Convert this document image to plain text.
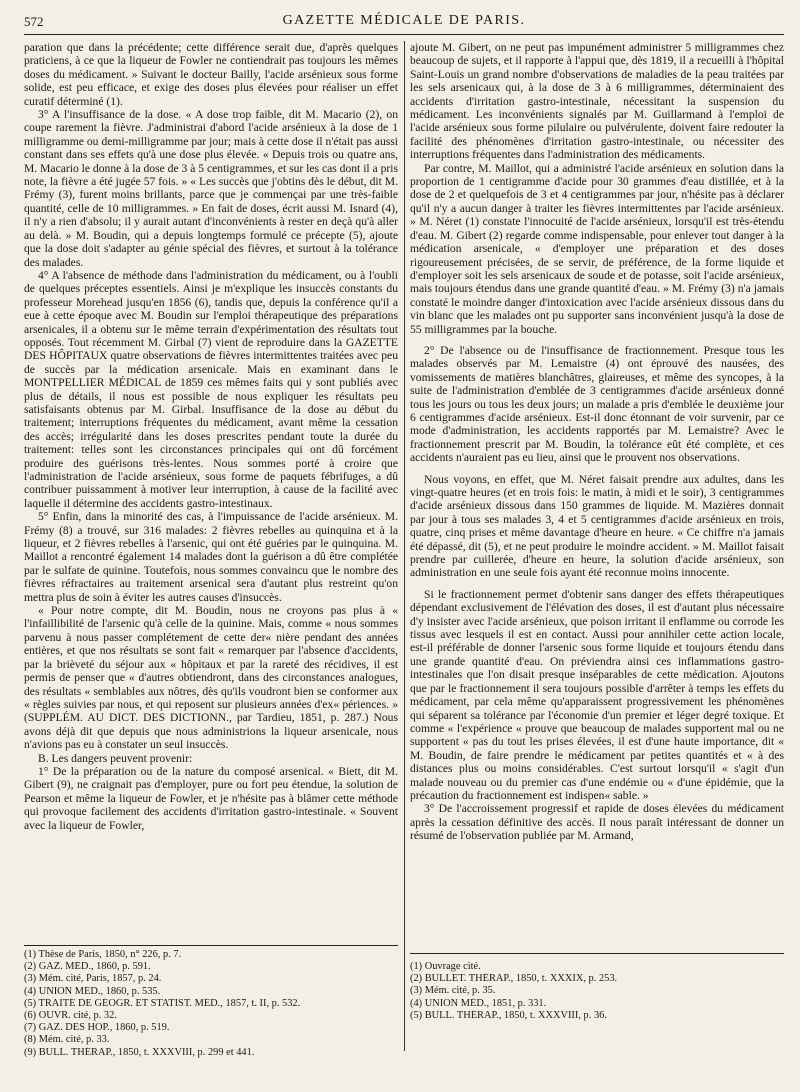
572	GAZETTE MÉDICALE DE PARIS.

paration que dans la précédente; cette différence serait due, d'après quelques praticiens, à ce que la liqueur de Fowler ne contiendrait pas toujours les mêmes doses du médicament. » Suivant le docteur Bailly, l'acide arsénieux sous forme solide, est peu efficace, et exige des doses plus élevées pour réaliser un effet curatif déterminé (1).

3° A l'insuffisance de la dose. « A dose trop faible, dit M. Macario (2), on coupe rarement la fièvre. J'administrai d'abord l'acide arsénieux à la dose de 1 milligramme ou demi-milligramme par jour; mais à cette dose il n'était pas aussi constant dans ses effets qu'à une dose plus élevée. « Depuis trois ou quatre ans, M. Macario le donne à la dose de 3 à 5 centigrammes, et sur les cas dont il a pris note, la fièvre a été jugée 57 fois. » « Les succès que j'obtins dès le début, dit M. Frémy (3), furent moins brillants, parce que je commençai par une très-faible quantité, celle de 10 milligrammes. » En fait de doses, écrit aussi M. Isnard (4), il n'y a rien d'absolu; il y aurait autant d'inconvénients à rester en deçà qu'à aller au delà. » M. Boudin, qui a depuis longtemps formulé ce précepte (5), ajoute que la dose doit s'adapter au génie spécial des fièvres, et surtout à la tolérance des malades.

4° A l'absence de méthode dans l'administration du médicament, ou à l'oubli de quelques préceptes essentiels. Ainsi je m'explique les insuccès constants du professeur Morehead jusqu'en 1856 (6), tandis que, depuis la conférence qu'il a eue à cette époque avec M. Boudin sur l'emploi thérapeutique des préparations arsenicales, il a obtenu sur le même terrain d'expérimentation des résultats tout opposés. Tout récemment M. Girbal (7) vient de reproduire dans la GAZETTE DES HÔPITAUX quatre observations de fièvres intermittentes traitées avec peu de succès par la médication arsenicale. Mais en examinant dans le MONTPELLIER MÉDICAL de 1859 ces mêmes faits qui y sont publiés avec plus de détails, il nous est possible de nous expliquer les résultats peu satisfaisants obtenus par M. Girbal. Insuffisance de la dose au début du traitement; interruptions fréquentes du médicament, avant même la cessation des accès; irrégularité dans les doses prescrites pendant toute la durée du traitement: telles sont les circonstances principales qui ont dû forcément produire des guérisons très-lentes. Nous sommes porté à croire que l'administration de l'acide arsénieux, sous forme de paquets fébrifuges, a dû contribuer puissamment à motiver leur interruption, à cause de la facilité avec laquelle il détermine des accidents gastro-intestinaux.

5° Enfin, dans la minorité des cas, à l'impuissance de l'acide arsénieux. M. Frémy (8) a trouvé, sur 316 malades: 2 fièvres rebelles au quinquina et à la liqueur, et 2 fièvres rebelles à l'arsenic, qui ont été guéries par le quinquina. M. Maillot a rencontré également 14 malades dont la guérison a dû être complétée par le sulfate de quinine. Toutefois, nous sommes convaincu que le nombre des fièvres réfractaires au traitement arsenical sera d'autant plus restreint qu'on mettra plus de soin à éviter les autres causes d'insuccès.

« Pour notre compte, dit M. Boudin, nous ne croyons pas plus à « l'infaillibilité de l'arsenic qu'à celle de la quinine. Mais, comme « nous sommes parvenu à nous passer complétement de cette der« nière pendant des années entières, et que nos résultats se sont fait « remarquer par l'absence d'accidents, par la brièveté du séjour aux « hôpitaux et par la rareté des récidives, il est permis de penser que « d'autres obtiendront, dans des circonstances analogues, des résultats « semblables aux nôtres, dès qu'ils voudront bien se conformer aux « règles suivies par nous, et qui reposent sur plusieurs années d'ex« périences. » (SUPPLÉM. AU DICT. DES DICTIONN., par Tardieu, 1851, p. 287.) Nous avons déjà dit que depuis que nous administrions la liqueur arsenicale, nous n'avions pas eu à constater un seul insuccès.

B. Les dangers peuvent provenir:

1° De la préparation ou de la nature du composé arsenical. « Biett, dit M. Gibert (9), ne craignait pas d'employer, pure ou fort peu étendue, la solution de Pearson et même la liqueur de Fowler, et je n'hésite pas à blâmer cette méthode qui provoque facilement des accidents d'irritation gastro-intestinale. « Souvent avec la liqueur de Fowler,

(1) Thèse de Paris, 1850, n° 226, p. 7.

(2) GAZ. MÉD., 1860, p. 591.

(3) Mém. cité, Paris, 1857, p. 24.

(4) UNION MÉD., 1860, p. 535.

(5) TRAITÉ DE GÉOGR. ET STATIST. MÉD., 1857, t. II, p. 532.

(6) OUVR. cité, p. 32.

(7) GAZ. DES HÔP., 1860, p. 519.

(8) Mém. cité, p. 33.

(9) BULL. THÉRAP., 1850, t. XXXVIII, p. 299 et 441.

ajoute M. Gibert, on ne peut pas impunément administrer 5 milligrammes chez beaucoup de sujets, et il rapporte à l'appui que, dès 1819, il a recueilli à l'hôpital Saint-Louis un grand nombre d'observations de maladies de la peau traitées par les sels arsenicaux qui, à la dose de 3 à 6 milligrammes, déterminaient des accidents d'irritation gastro-intestinale, nécessitant la suspension du médicament. Les inconvénients signalés par M. Guillarmand à l'emploi de l'acide arsénieux sous forme pilulaire ou pulvérulente, doivent faire redouter la facilité des phénomènes d'irritation gastro-intestinale, ou nécessiter des interruptions fréquentes dans l'administration des médicaments.

Par contre, M. Maillot, qui a administré l'acide arsénieux en solution dans la proportion de 1 centigramme d'acide pour 30 grammes d'eau distillée, et à la dose de 2 et quelquefois de 3 et 4 centigrammes par jour, n'hésite pas à déclarer qu'il n'y a aucun danger à traiter les fièvres intermittentes par l'acide arsénieux. » M. Néret (1) constate l'innocuité de l'acide arsénieux, lorsqu'il est très-étendu d'eau. M. Gibert (2) regarde comme indispensable, pour enlever tout danger à la médication arsenicale, « d'employer une préparation et des doses rigoureusement précisées, de se servir, de préférence, de la forme liquide et d'employer soit les sels arsenicaux de soude et de potasse, soit l'acide arsénieux, mais toujours étendus dans une grande quantité d'eau. » M. Frémy (3) n'a jamais constaté le moindre danger d'intoxication avec l'acide arsénieux dissous dans du vin blanc que les malades ont pu supporter sans inconvénient jusqu'à la dose de 55 milligrammes par la bouche.

2° De l'absence ou de l'insuffisance de fractionnement. Presque tous les malades observés par M. Lemaistre (4) ont éprouvé des nausées, des vomissements de matières blanchâtres, glaireuses, et même des syncopes, à la suite de l'administration d'emblée de 3 centigrammes d'acide arsénieux donné tous les jours ou tous les deux jours; un malade a pris d'emblée le deuxième jour 6 centigrammes d'acide arsénieux. Est-il donc étonnant de voir survenir, par ce mode d'administration, les accidents rapportés par M. Lemaistre? Avec le fractionnement prescrit par M. Boudin, la tolérance eût été complète, et ces accidents n'auraient pas eu lieu, ainsi que le prouvent nos observations.

Nous voyons, en effet, que M. Néret faisait prendre aux adultes, dans les vingt-quatre heures (et en trois fois: le matin, à midi et le soir), 3 centigrammes d'acide arsénieux dissous dans 150 grammes de liquide. M. Mazières donnait par jour à tous ses malades 3, 4 et 5 centigrammes d'acide arsénieux en trois, quatre, cinq prises et même davantage d'heure en heure. « Ce chiffre n'a jamais été dépassé, dit (5), et ne peut produire le moindre accident. » M. Maillot faisait prendre par cuillerée, d'heure en heure, la solution d'acide arsénieux, son administration en une seule fois ayant été reconnue moins innocente.

Si le fractionnement permet d'obtenir sans danger des effets thérapeutiques dépendant exclusivement de l'élévation des doses, il est d'autant plus nécessaire d'y insister avec l'acide arsénieux, que poison irritant il enflamme ou corrode les tissus avec lesquels il est en contact. Aussi pour annihiler cette action locale, est-il préférable de donner l'arsenic sous forme liquide et toujours étendu dans une grande quantité d'eau. On préviendra ainsi ces inflammations gastro-intestinales que l'on disait presque inséparables de cette médication. Ajoutons que par le fractionnement il sera toujours possible d'arrêter à temps les effets du médicament, par cela même qu'apparaissent progressivement les phénomènes qui séparent sa tolérance par l'économie d'un premier et léger degré toxique. Et comme « l'expérience « prouve que beaucoup de malades supportent mal ou ne supportent « pas du tout les prises élevées, il est d'une haute importance, dit « M. Boudin, de faire prendre le médicament par petites quantités et « à des distances plus ou moins considérables. C'est surtout lorsqu'il « s'agit d'un malade nouveau ou du premier cas d'une endémie ou « d'une épidémie, que la précaution du fractionnement est indispen« sable. »

3° De l'accroissement progressif et rapide de doses élevées du médicament après la cessation définitive des accès. Il nous paraît intéressant de donner un résumé de l'observation publiée par M. Armand,

(1) Ouvrage cité.

(2) BULLET. THÉRAP., 1850, t. XXXIX, p. 253.

(3) Mém. cité, p. 35.

(4) UNION MÉD., 1851, p. 331.

(5) BULL. THÉRAP., 1850, t. XXXVIII, p. 36.
